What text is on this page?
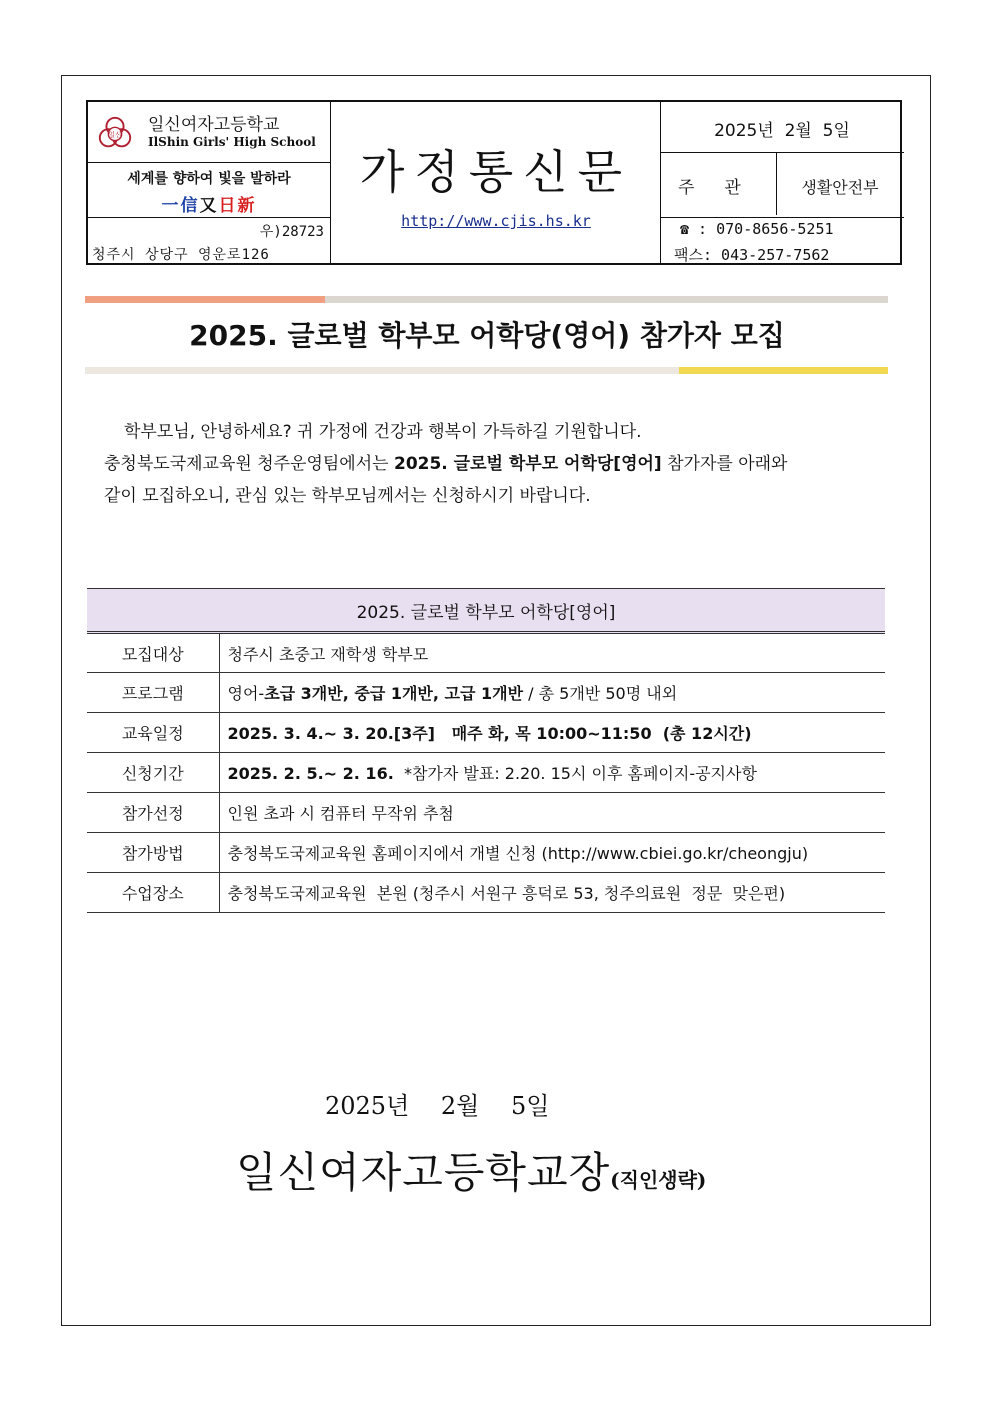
일신 일신여자고등학교
IlShin Girls' High School
세계를 향하여 빛을 발하라
一信又日新
우)28723
청주시 상당구 영운로126
가정통신문
http://www.cjis.hs.kr
2025년  2월  5일
주관	생활안전부
☎ : 070-8656-5251
팩스: 043-257-7562
2025. 글로벌 학부모 어학당(영어) 참가자 모집
학부모님, 안녕하세요? 귀 가정에 건강과 행복이 가득하길 기원합니다.
충청북도국제교육원 청주운영팀에서는 2025. 글로벌 학부모 어학당[영어] 참가자를 아래와
같이 모집하오니, 관심 있는 학부모님께서는 신청하시기 바랍니다.
2025. 글로벌 학부모 어학당[영어]	
모집대상	청주시 초중고 재학생 학부모
프로그램	영어-초급 3개반, 중급 1개반, 고급 1개반 / 총 5개반 50명 내외
교육일정	2025. 3. 4.~ 3. 20.[3주]   매주 화, 목 10:00~11:50  (총 12시간)
신청기간	2025. 2. 5.~ 2. 16.  *참가자 발표: 2.20. 15시 이후 홈페이지-공지사항
참가선정	인원 초과 시 컴퓨터 무작위 추첨
참가방법	충청북도국제교육원 홈페이지에서 개별 신청 (http://www.cbiei.go.kr/cheongju)
수업장소	충청북도국제교육원  본원 (청주시 서원구 흥덕로 53, 청주의료원  정문  맞은편)
2025년 2월 5일
일신여자고등학교장(직인생략)
